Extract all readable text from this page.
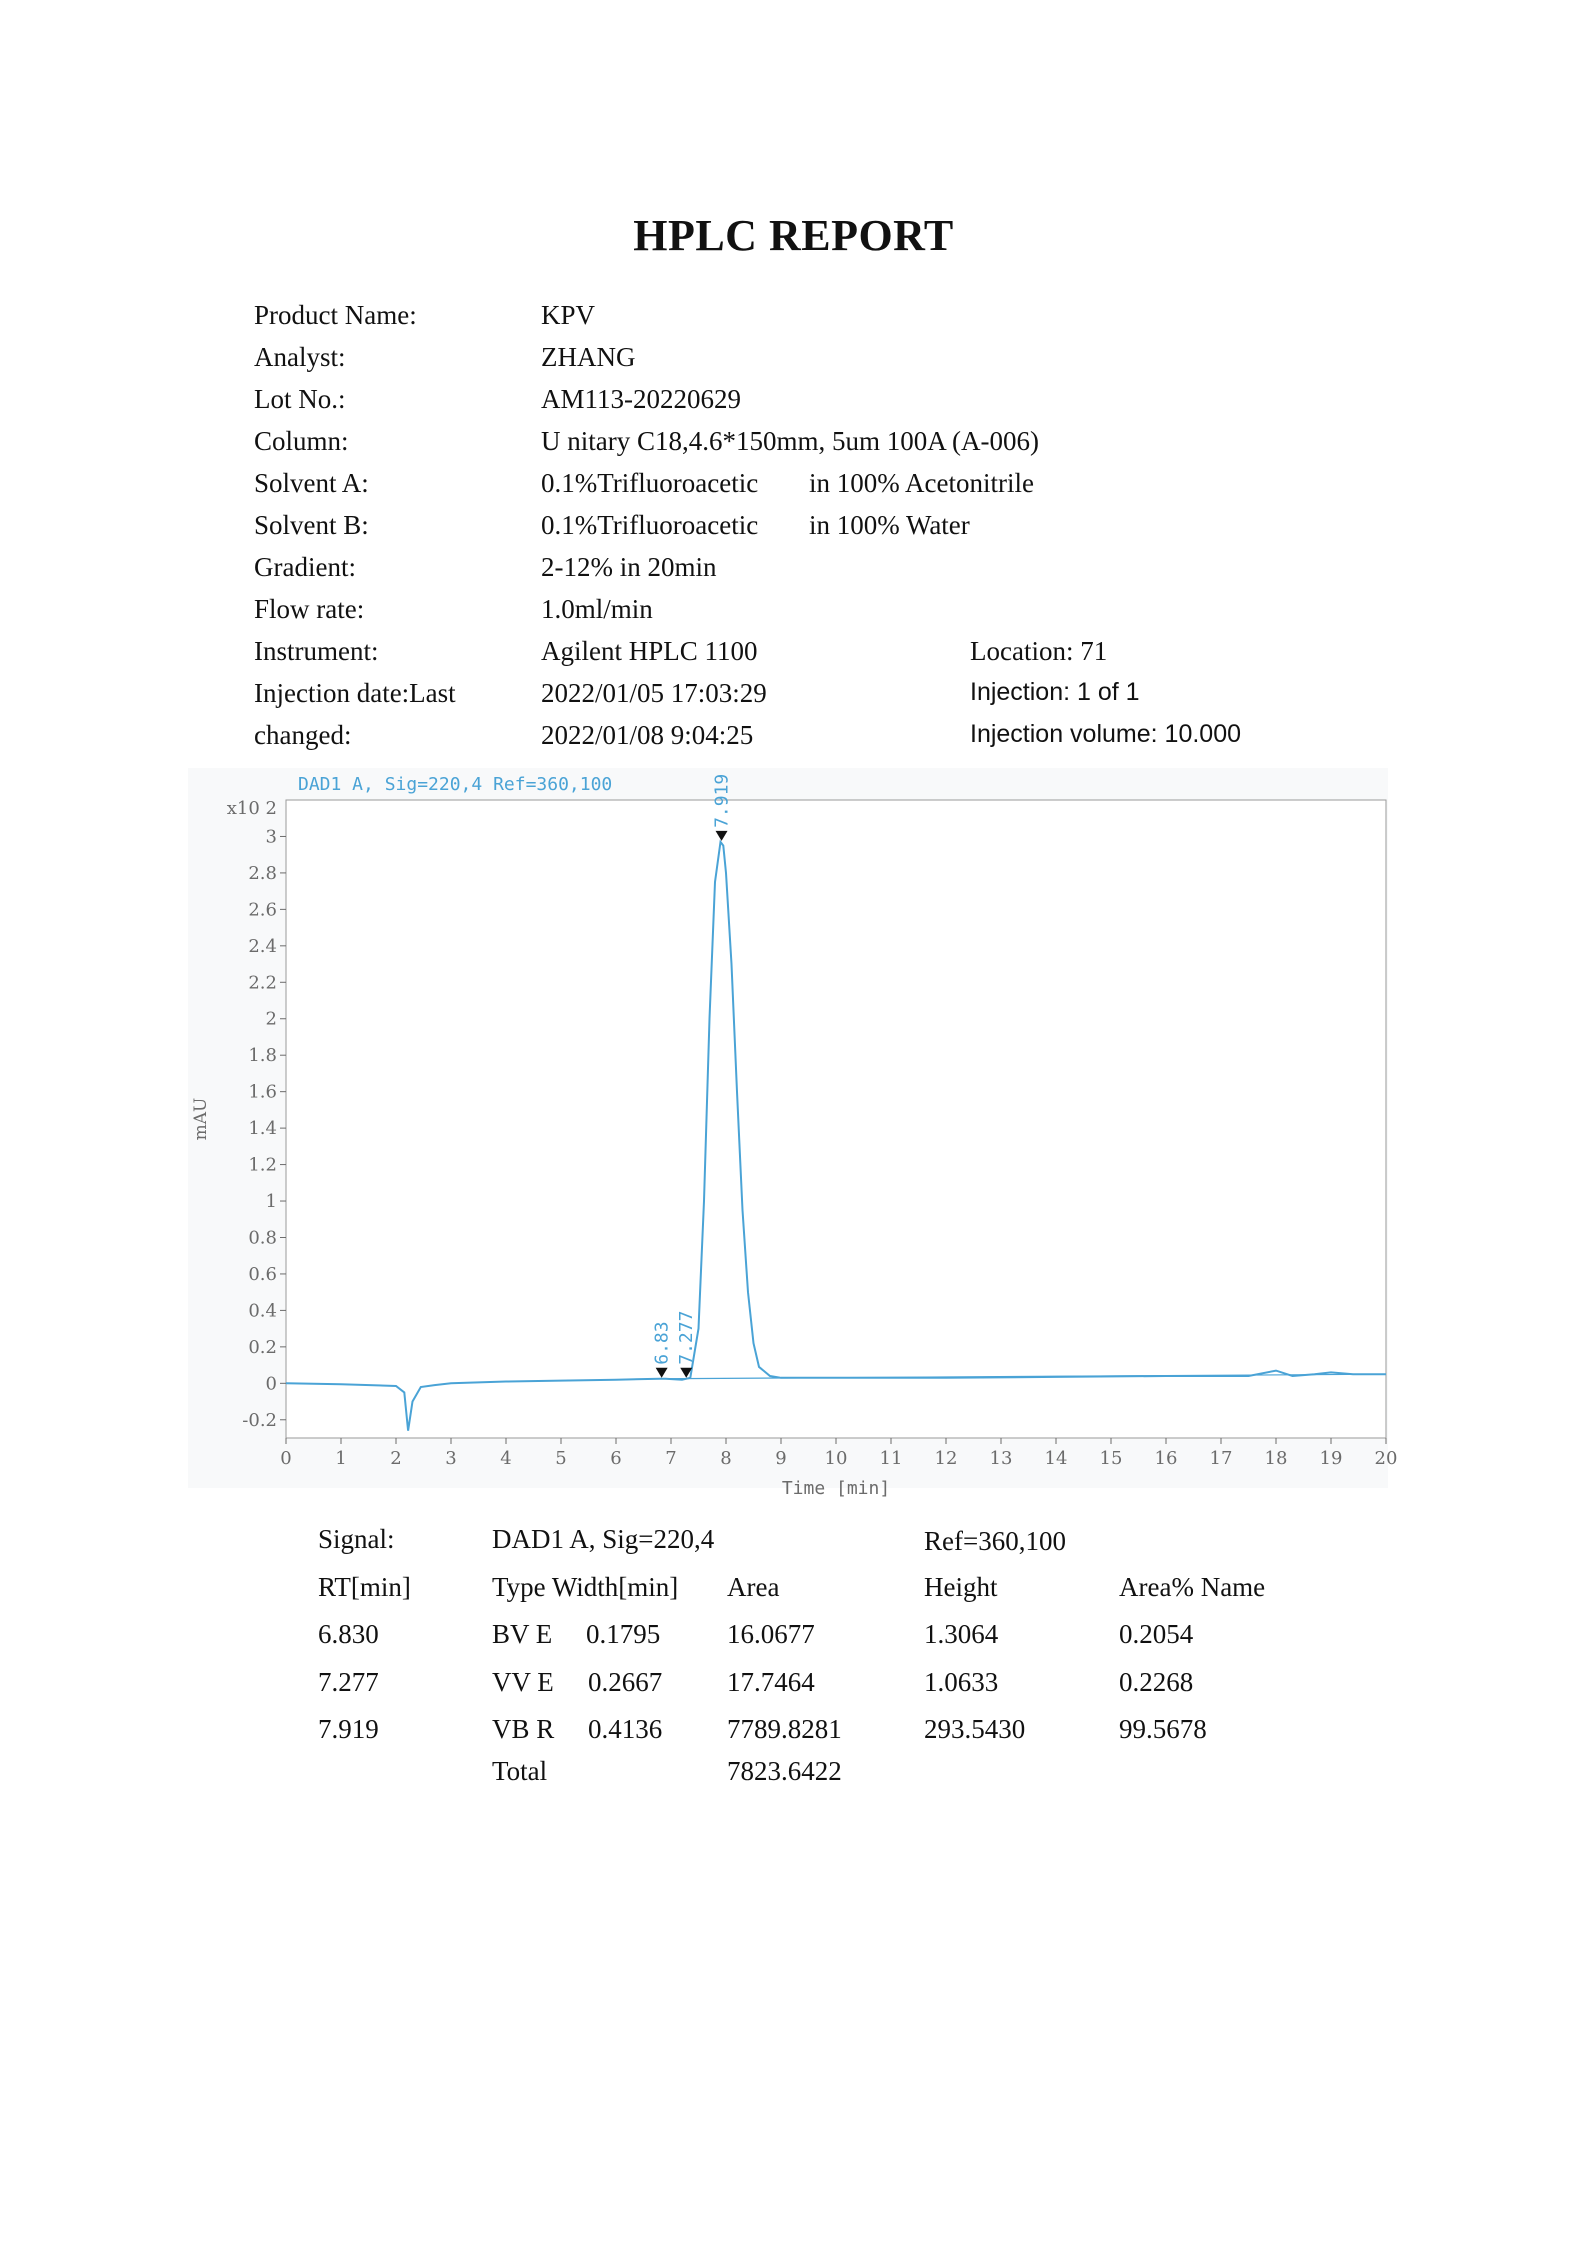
HPLC REPORT
Product Name:	KPV
Analyst:	ZHANG
Lot No.:	AM113-20220629
Column:	U nitary C18,4.6*150mm, 5um 100A (A-006)
Solvent A:	0.1%Trifluoroacetic in 100% Acetonitrile
Solvent B:	0.1%Trifluoroacetic in 100% Water
Gradient:	2-12% in 20min
Flow rate:	1.0ml/min
Instrument:	Agilent HPLC 1100	Location: 71
Injection date:Last	2022/01/05 17:03:29	Injection: 1 of 1
changed:	2022/01/08 9:04:25	Injection volume: 10.000
-0.2
0
0.2
0.4
0.6
0.8
1
1.2
1.4
1.6
1.8
2
2.2
2.4
2.6
2.8
3
x10 2
0 1 2 3 4 5 6 7 8 9 10 11 12 13 14 15 16 17 18 19 20
Time [min]
mAU
DAD1 A, Sig=220,4 Ref=360,100
6.83 7.277
7.919
Signal:	DAD1 A, Sig=220,4	Ref=360,100
RT[min]	Type Width[min] Area	Height	Area% Name
6.830	BV E 0.1795 16.0677	1.3064	0.2054
7.277	VV E 0.2667 17.7464	1.0633	0.2268
7.919	VB R 0.4136 7789.8281	293.5430	99.5678
Total	7823.6422
